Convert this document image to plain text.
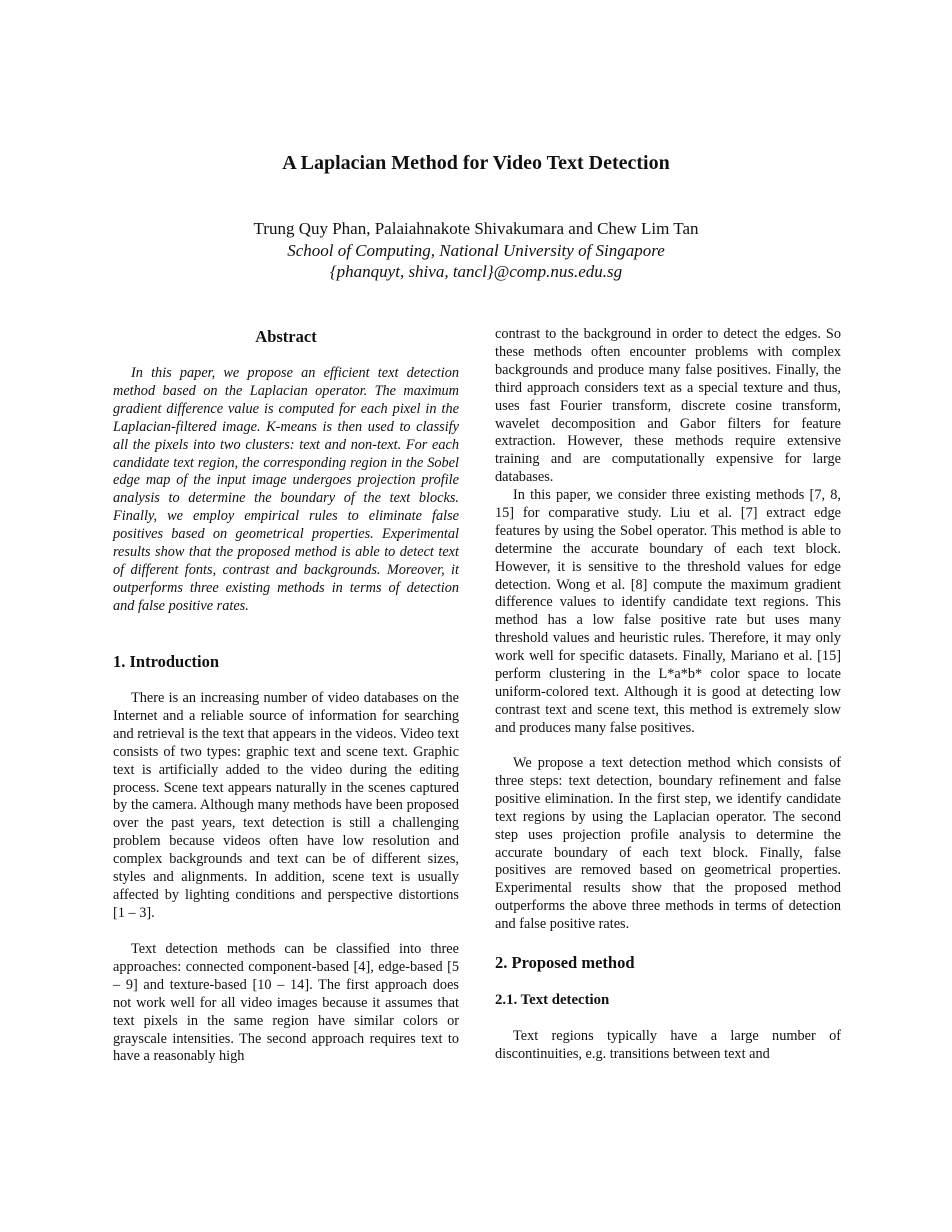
A Laplacian Method for Video Text Detection
Trung Quy Phan, Palaiahnakote Shivakumara and Chew Lim Tan
School of Computing, National University of Singapore
{phanquyt, shiva, tancl}@comp.nus.edu.sg
Abstract

In this paper, we propose an efficient text detection method based on the Laplacian operator. The maximum gradient difference value is computed for each pixel in the Laplacian-filtered image. K-means is then used to classify all the pixels into two clusters: text and non-text. For each candidate text region, the corresponding region in the Sobel edge map of the input image undergoes projection profile analysis to determine the boundary of the text blocks. Finally, we employ empirical rules to eliminate false positives based on geometrical properties. Experimental results show that the proposed method is able to detect text of different fonts, contrast and backgrounds. Moreover, it outperforms three existing methods in terms of detection and false positive rates.

1. Introduction

There is an increasing number of video databases on the Internet and a reliable source of information for searching and retrieval is the text that appears in the videos. Video text consists of two types: graphic text and scene text. Graphic text is artificially added to the video during the editing process. Scene text appears naturally in the scenes captured by the camera. Although many methods have been proposed over the past years, text detection is still a challenging problem because videos often have low resolution and complex backgrounds and text can be of different sizes, styles and alignments. In addition, scene text is usually affected by lighting conditions and perspective distortions [1 – 3].

Text detection methods can be classified into three approaches: connected component-based [4], edge-based [5 – 9] and texture-based [10 – 14]. The first approach does not work well for all video images because it assumes that text pixels in the same region have similar colors or grayscale intensities. The second approach requires text to have a reasonably high

contrast to the background in order to detect the edges. So these methods often encounter problems with complex backgrounds and produce many false positives. Finally, the third approach considers text as a special texture and thus, uses fast Fourier transform, discrete cosine transform, wavelet decomposition and Gabor filters for feature extraction. However, these methods require extensive training and are computationally expensive for large databases.

In this paper, we consider three existing methods [7, 8, 15] for comparative study. Liu et al. [7] extract edge features by using the Sobel operator. This method is able to determine the accurate boundary of each text block. However, it is sensitive to the threshold values for edge detection. Wong et al. [8] compute the maximum gradient difference values to identify candidate text regions. This method has a low false positive rate but uses many threshold values and heuristic rules. Therefore, it may only work well for specific datasets. Finally, Mariano et al. [15] perform clustering in the L*a*b* color space to locate uniform-colored text. Although it is good at detecting low contrast text and scene text, this method is extremely slow and produces many false positives.

We propose a text detection method which consists of three steps: text detection, boundary refinement and false positive elimination. In the first step, we identify candidate text regions by using the Laplacian operator. The second step uses projection profile analysis to determine the accurate boundary of each text block. Finally, false positives are removed based on geometrical properties. Experimental results show that the proposed method outperforms the above three methods in terms of detection and false positive rates.

2. Proposed method
2.1. Text detection

Text regions typically have a large number of discontinuities, e.g. transitions between text and
